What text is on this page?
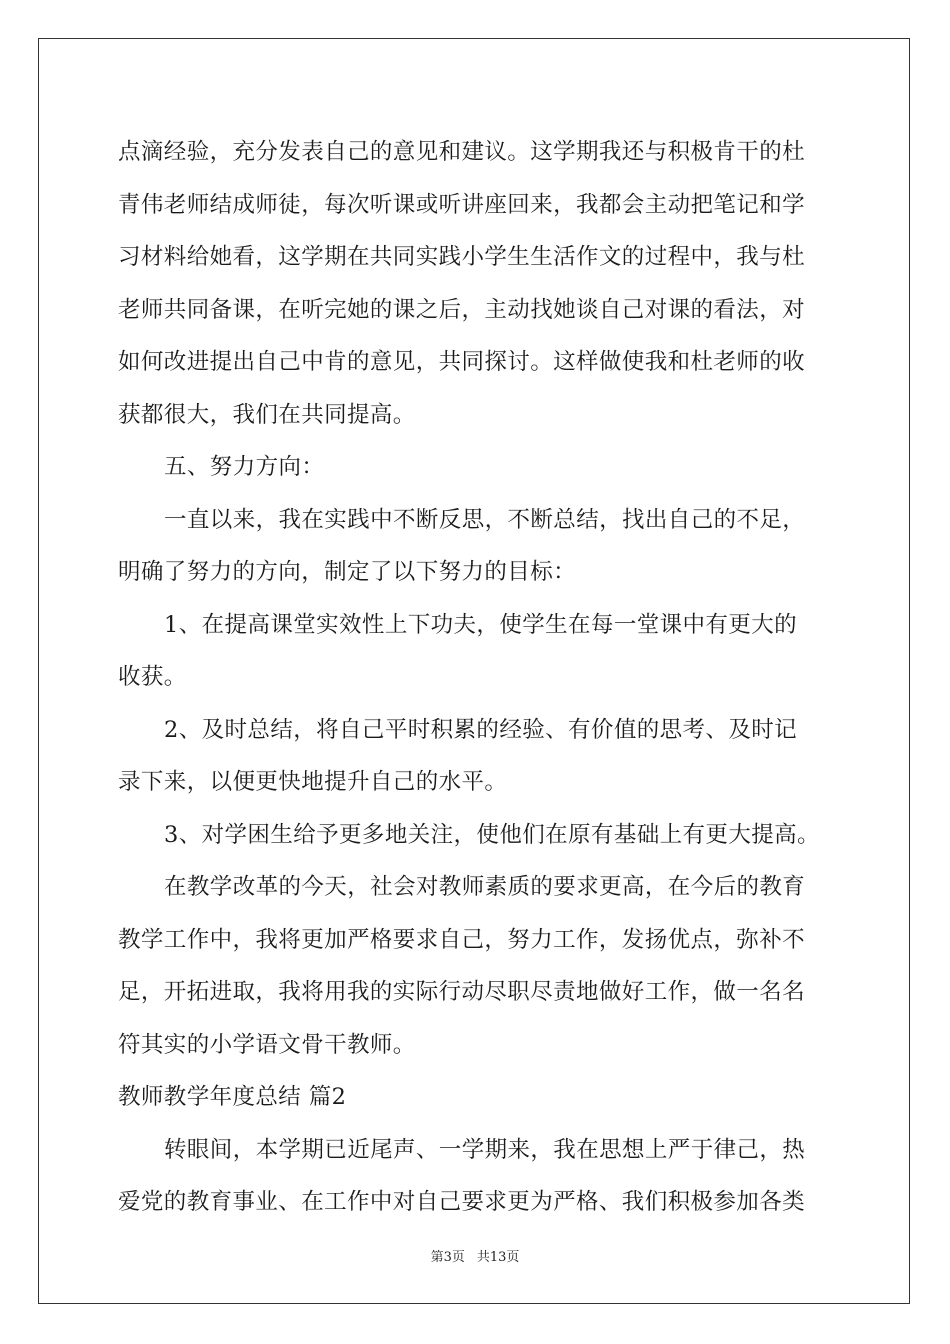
点滴经验，充分发表自己的意见和建议。这学期我还与积极肯干的杜
青伟老师结成师徒，每次听课或听讲座回来，我都会主动把笔记和学
习材料给她看，这学期在共同实践小学生生活作文的过程中，我与杜
老师共同备课，在听完她的课之后，主动找她谈自己对课的看法，对
如何改进提出自己中肯的意见，共同探讨。这样做使我和杜老师的收
获都很大，我们在共同提高。
五、努力方向：
一直以来，我在实践中不断反思，不断总结，找出自己的不足，
明确了努力的方向，制定了以下努力的目标：
1、在提高课堂实效性上下功夫，使学生在每一堂课中有更大的
收获。
2、及时总结，将自己平时积累的经验、有价值的思考、及时记
录下来，以便更快地提升自己的水平。
3、对学困生给予更多地关注，使他们在原有基础上有更大提高。
在教学改革的今天，社会对教师素质的要求更高，在今后的教育
教学工作中，我将更加严格要求自己，努力工作，发扬优点，弥补不
足，开拓进取，我将用我的实际行动尽职尽责地做好工作，做一名名
符其实的小学语文骨干教师。
教师教学年度总结 篇2
转眼间，本学期已近尾声、一学期来，我在思想上严于律己，热
爱党的教育事业、在工作中对自己要求更为严格、我们积极参加各类
第3页 共13页
